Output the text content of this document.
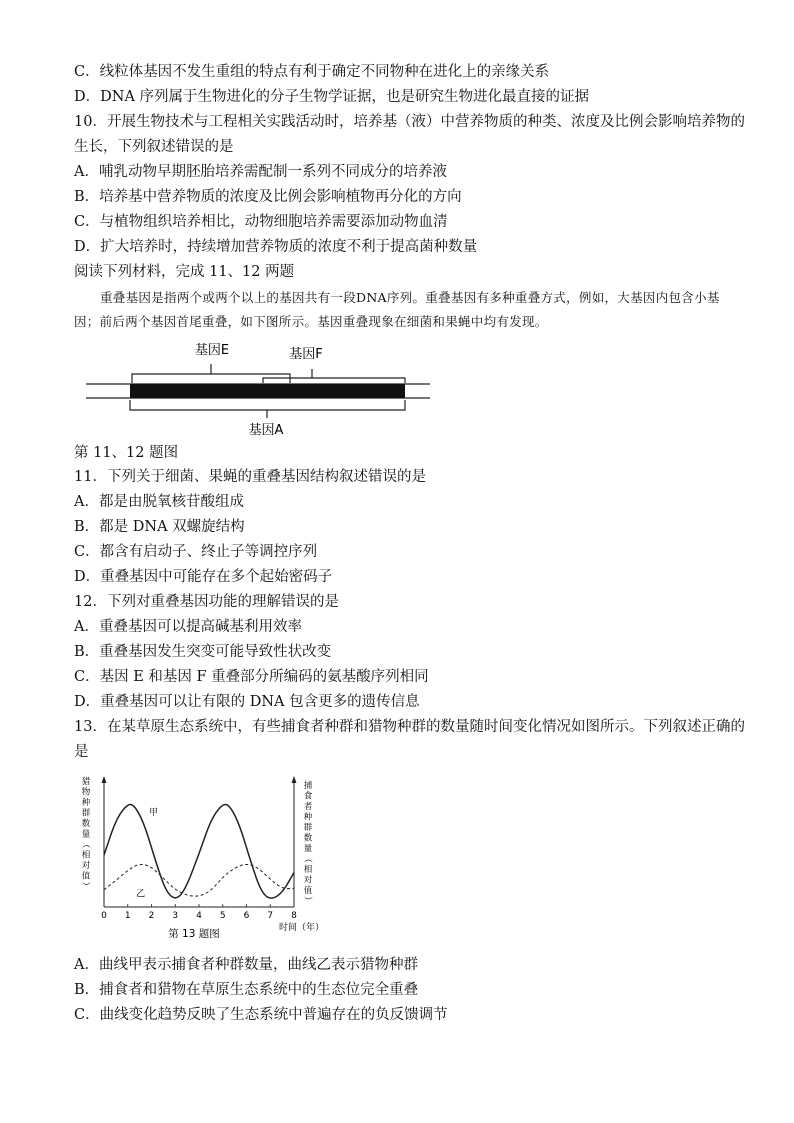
C．线粒体基因不发生重组的特点有利于确定不同物种在进化上的亲缘关系
D．DNA 序列属于生物进化的分子生物学证据，也是研究生物进化最直接的证据
10．开展生物技术与工程相关实践活动时，培养基（液）中营养物质的种类、浓度及比例会影响培养物的
生长，下列叙述错误的是
A．哺乳动物早期胚胎培养需配制一系列不同成分的培养液
B．培养基中营养物质的浓度及比例会影响植物再分化的方向
C．与植物组织培养相比，动物细胞培养需要添加动物血清
D．扩大培养时，持续增加营养物质的浓度不利于提高菌种数量
阅读下列材料，完成 11、12 两题
重叠基因是指两个或两个以上的基因共有一段DNA序列。重叠基因有多种重叠方式，例如，大基因内包含小基因；前后两个基因首尾重叠，如下图所示。基因重叠现象在细菌和果蝇中均有发现。
基因E	基因F
基因A
第 11、12 题图
11．下列关于细菌、果蝇的重叠基因结构叙述错误的是
A．都是由脱氧核苷酸组成
B．都是 DNA 双螺旋结构
C．都含有启动子、终止子等调控序列
D．重叠基因中可能存在多个起始密码子
12．下列对重叠基因功能的理解错误的是
A．重叠基因可以提高碱基利用效率
B．重叠基因发生突变可能导致性状改变
C．基因 E 和基因 F 重叠部分所编码的氨基酸序列相同
D．重叠基因可以让有限的 DNA 包含更多的遗传信息
13．在某草原生态系统中，有些捕食者种群和猎物种群的数量随时间变化情况如图所示。下列叙述正确的
是
猎
物
种
群
数
量
（
相
对
值
）
捕
食
者
种
群
数
量
（
相
对
值
）
0 1 2 3 4 5 6 7 8
甲
乙
时间（年）
第 13 题图
A．曲线甲表示捕食者种群数量，曲线乙表示猎物种群
B．捕食者和猎物在草原生态系统中的生态位完全重叠
C．曲线变化趋势反映了生态系统中普遍存在的负反馈调节
